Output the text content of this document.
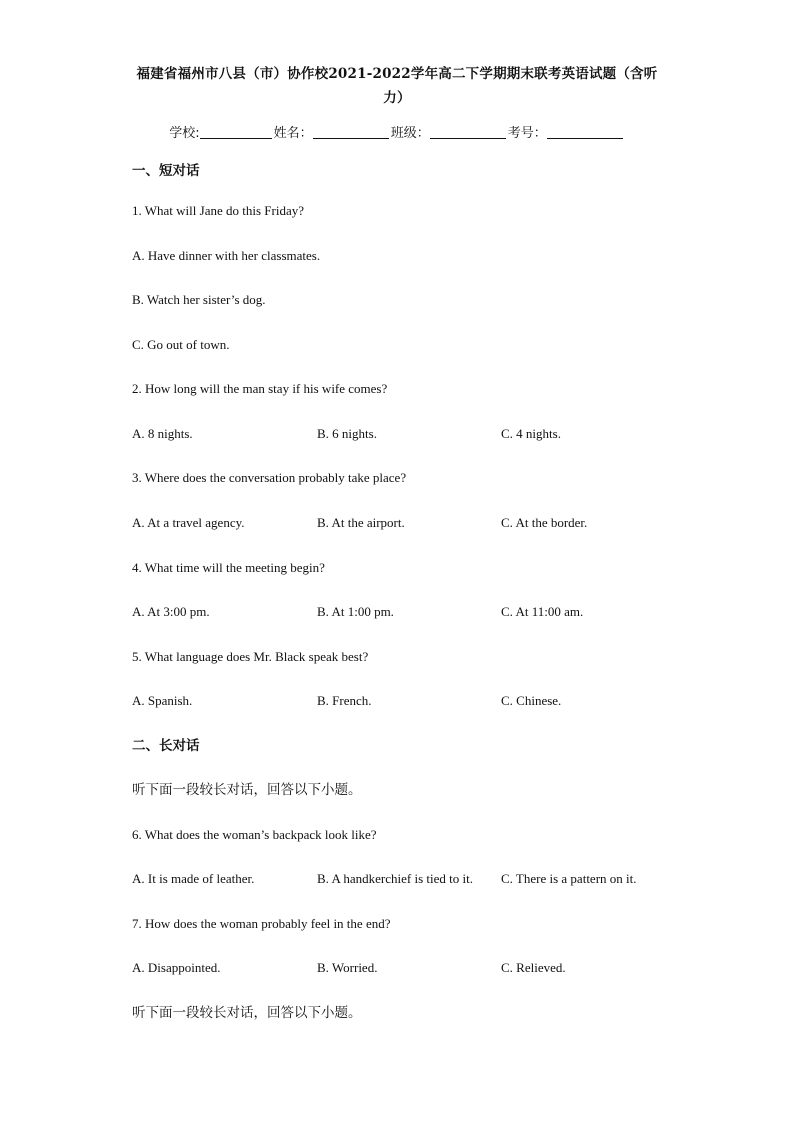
福建省福州市八县（市）协作校2021-2022学年高二下学期期末联考英语试题（含听
力）
学校:	姓名：	班级：	考号：
一、短对话
1. What will Jane do this Friday?
A. Have dinner with her classmates.
B. Watch her sister’s dog.
C. Go out of town.
2. How long will the man stay if his wife comes?
A. 8 nights.	B. 6 nights.	C. 4 nights.
3. Where does the conversation probably take place?
A. At a travel agency.	B. At the airport.	C. At the border.
4. What time will the meeting begin?
A. At 3:00 pm.	B. At 1:00 pm.	C. At 11:00 am.
5. What language does Mr. Black speak best?
A. Spanish.	B. French.	C. Chinese.
二、长对话
听下面一段较长对话，回答以下小题。
6. What does the woman’s backpack look like?
A. It is made of leather.	B. A handkerchief is tied to it. C. There is a pattern on it.
7. How does the woman probably feel in the end?
A. Disappointed.	B. Worried.	C. Relieved.
听下面一段较长对话，回答以下小题。
